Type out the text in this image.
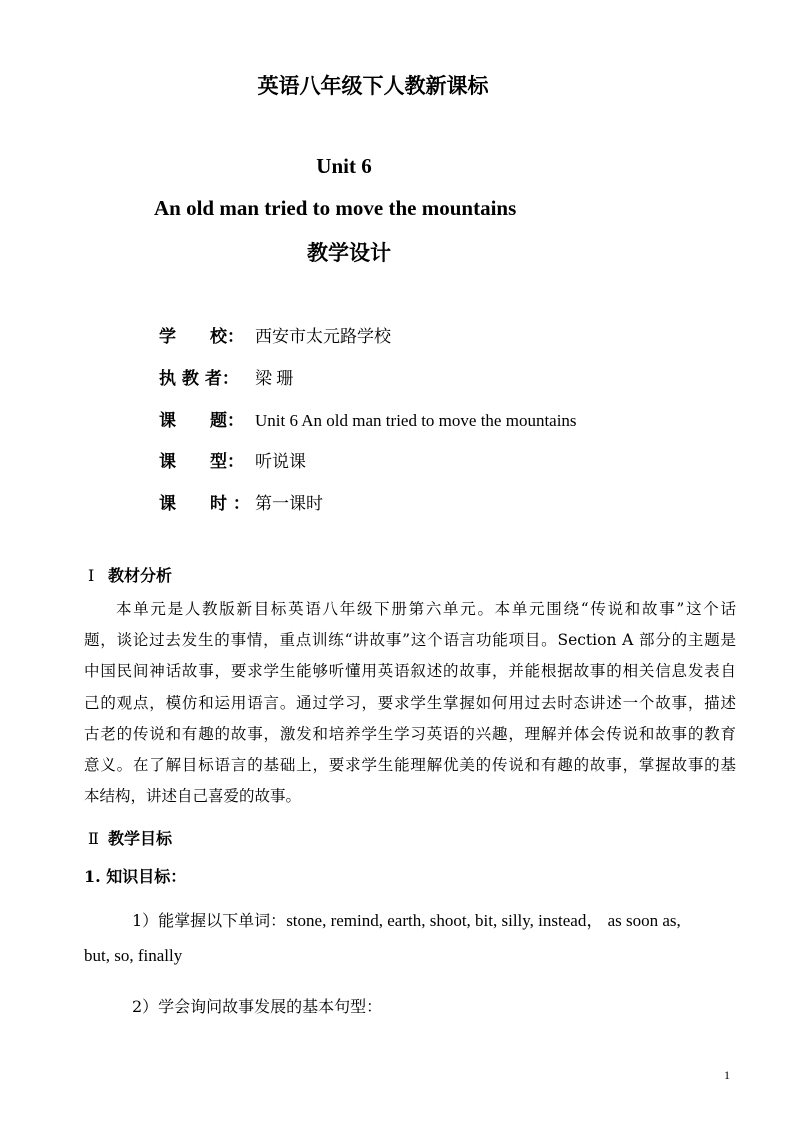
英语八年级下人教新课标
Unit 6
An old man tried to move the mountains
教学设计
学　　校： 西安市太元路学校
执 教 者： 梁 珊
课　　题： Unit 6 An old man tried to move the mountains
课　　型： 听说课
课　　时 ： 第一课时
Ⅰ 教材分析
本单元是人教版新目标英语八年级下册第六单元。本单元围绕“传说和故事”这个话
题，谈论过去发生的事情，重点训练“讲故事”这个语言功能项目。Section A 部分的主题是
中国民间神话故事，要求学生能够听懂用英语叙述的故事，并能根据故事的相关信息发表自
己的观点，模仿和运用语言。通过学习，要求学生掌握如何用过去时态讲述一个故事，描述
古老的传说和有趣的故事，激发和培养学生学习英语的兴趣，理解并体会传说和故事的教育
意义。在了解目标语言的基础上，要求学生能理解优美的传说和有趣的故事，掌握故事的基
本结构，讲述自己喜爱的故事。
Ⅱ 教学目标
1. 知识目标：
1）能掌握以下单词：stone, remind, earth, shoot, bit, silly, instead， as soon as,
but, so, finally
2）学会询问故事发展的基本句型：
1
